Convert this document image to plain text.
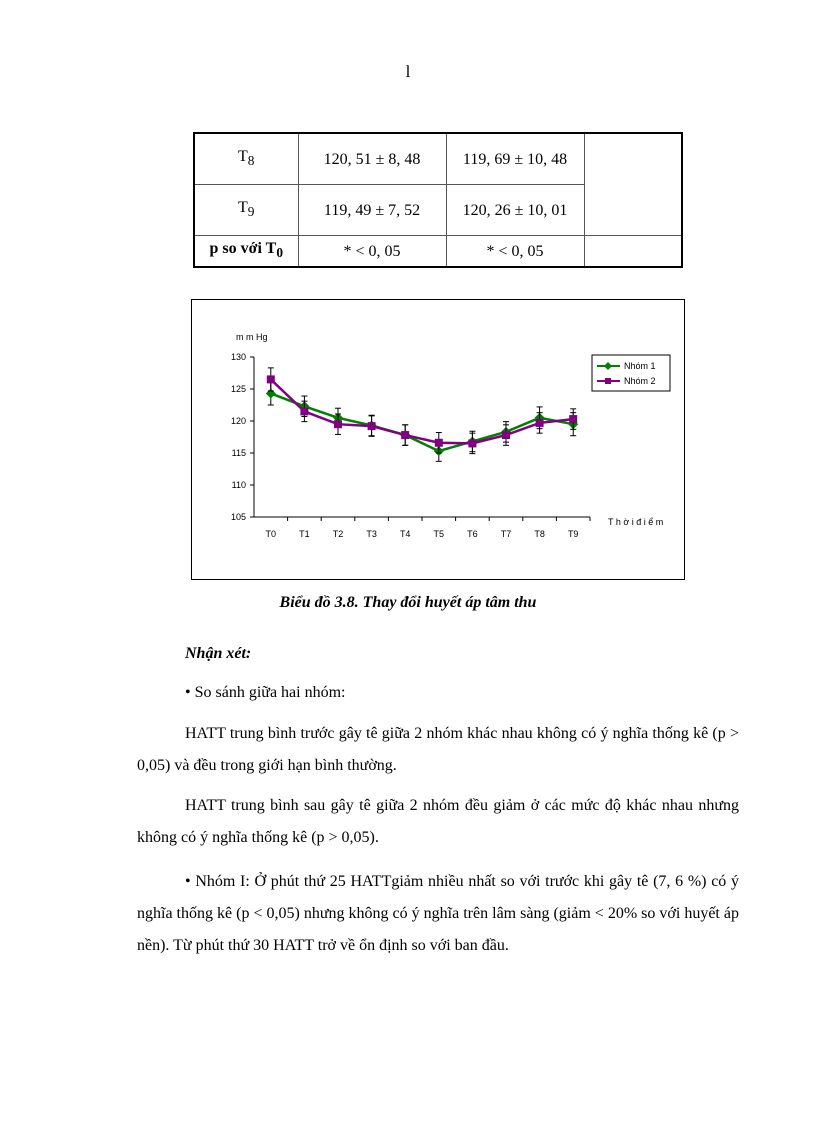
l
$T_8$	120, 51 ± 8, 48	119, 69 ± 10, 48	
$T_9$	119, 49 ± 7, 52	120, 26 ± 10, 01	
p so với $T_0$	* < 0, 05	* < 0, 05	
m m Hg
T h ờ i đ i ể m
105
110
115
120
125
130
T0	T1	T2	T3	T4	T5	T6	T7	T8	T9
Nhóm 1
Nhóm 2
Biểu đồ 3.8. Thay đổi huyết áp tâm thu
Nhận xét:
• So sánh giữa hai nhóm:
HATT trung bình trước gây tê giữa 2 nhóm khác nhau không có ý nghĩa thống kê (p > 0,05) và đều trong giới hạn bình thường.
HATT trung bình sau gây tê giữa 2 nhóm đều giảm ở các mức độ khác nhau nhưng không có ý nghĩa thống kê (p > 0,05).
• Nhóm I: Ở phút thứ 25 HATTgiảm nhiều nhất so với trước khi gây tê (7, 6 %) có ý nghĩa thống kê (p < 0,05) nhưng không có ý nghĩa trên lâm sàng (giảm < 20% so với huyết áp nền). Từ phút thứ 30 HATT trở về ổn định so với ban đầu.
